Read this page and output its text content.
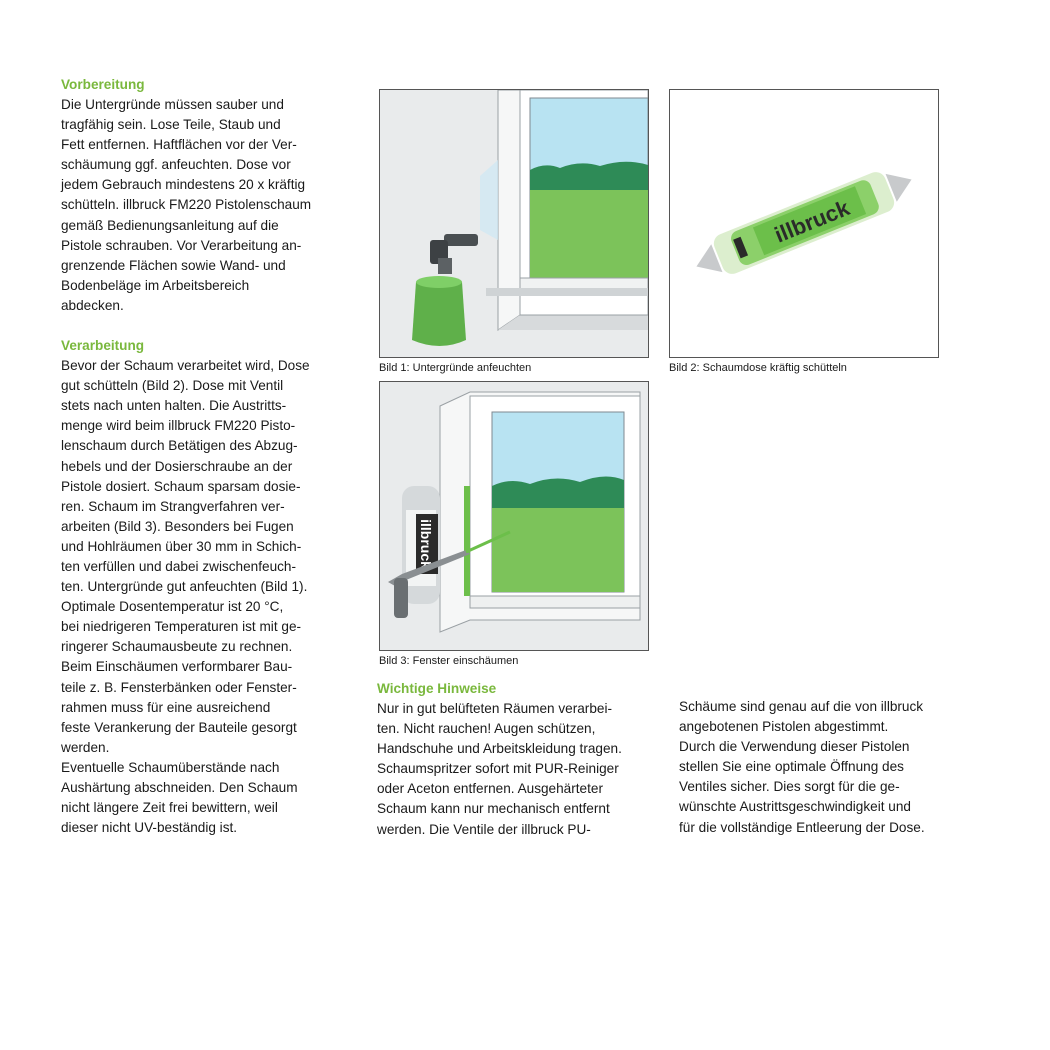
Vorbereitung

Die Untergründe müssen sauber und
tragfähig sein. Lose Teile, Staub und
Fett entfernen. Haftflächen vor der Ver-
schäumung ggf. anfeuchten. Dose vor
jedem Gebrauch mindestens 20 x kräftig
schütteln. illbruck FM220 Pistolenschaum
gemäß Bedienungsanleitung auf die
Pistole schrauben. Vor Verarbeitung an-
grenzende Flächen sowie Wand- und
Bodenbeläge im Arbeitsbereich
abdecken.

Verarbeitung

Bevor der Schaum verarbeitet wird, Dose
gut schütteln (Bild 2). Dose mit Ventil
stets nach unten halten. Die Austritts-
menge wird beim illbruck FM220 Pisto-
lenschaum durch Betätigen des Abzug-
hebels und der Dosierschraube an der
Pistole dosiert. Schaum sparsam dosie-
ren. Schaum im Strangverfahren ver-
arbeiten (Bild 3). Besonders bei Fugen
und Hohlräumen über 30 mm in Schich-
ten verfüllen und dabei zwischenfeuch-
ten. Untergründe gut anfeuchten (Bild 1).
Optimale Dosentemperatur ist 20 °C,
bei niedrigeren Temperaturen ist mit ge-
ringerer Schaumausbeute zu rechnen.
Beim Einschäumen verformbarer Bau-
teile z. B. Fensterbänken oder Fenster-
rahmen muss für eine ausreichend
feste Verankerung der Bauteile gesorgt
werden.
Eventuelle Schaumüberstände nach
Aushärtung abschneiden. Den Schaum
nicht längere Zeit frei bewittern, weil
dieser nicht UV-beständig ist.

Bild 1: Untergründe anfeuchten
illbruck
Bild 2: Schaumdose kräftig schütteln
illbruck
Bild 3: Fenster einschäumen
Wichtige Hinweise

Nur in gut belüfteten Räumen verarbei-
ten. Nicht rauchen! Augen schützen,
Handschuhe und Arbeitskleidung tragen.
Schaumspritzer sofort mit PUR-Reiniger
oder Aceton entfernen. Ausgehärteter
Schaum kann nur mechanisch entfernt
werden. Die Ventile der illbruck PU-

Schäume sind genau auf die von illbruck
angebotenen Pistolen abgestimmt.
Durch die Verwendung dieser Pistolen
stellen Sie eine optimale Öffnung des
Ventiles sicher. Dies sorgt für die ge-
wünschte Austrittsgeschwindigkeit und
für die vollständige Entleerung der Dose.
